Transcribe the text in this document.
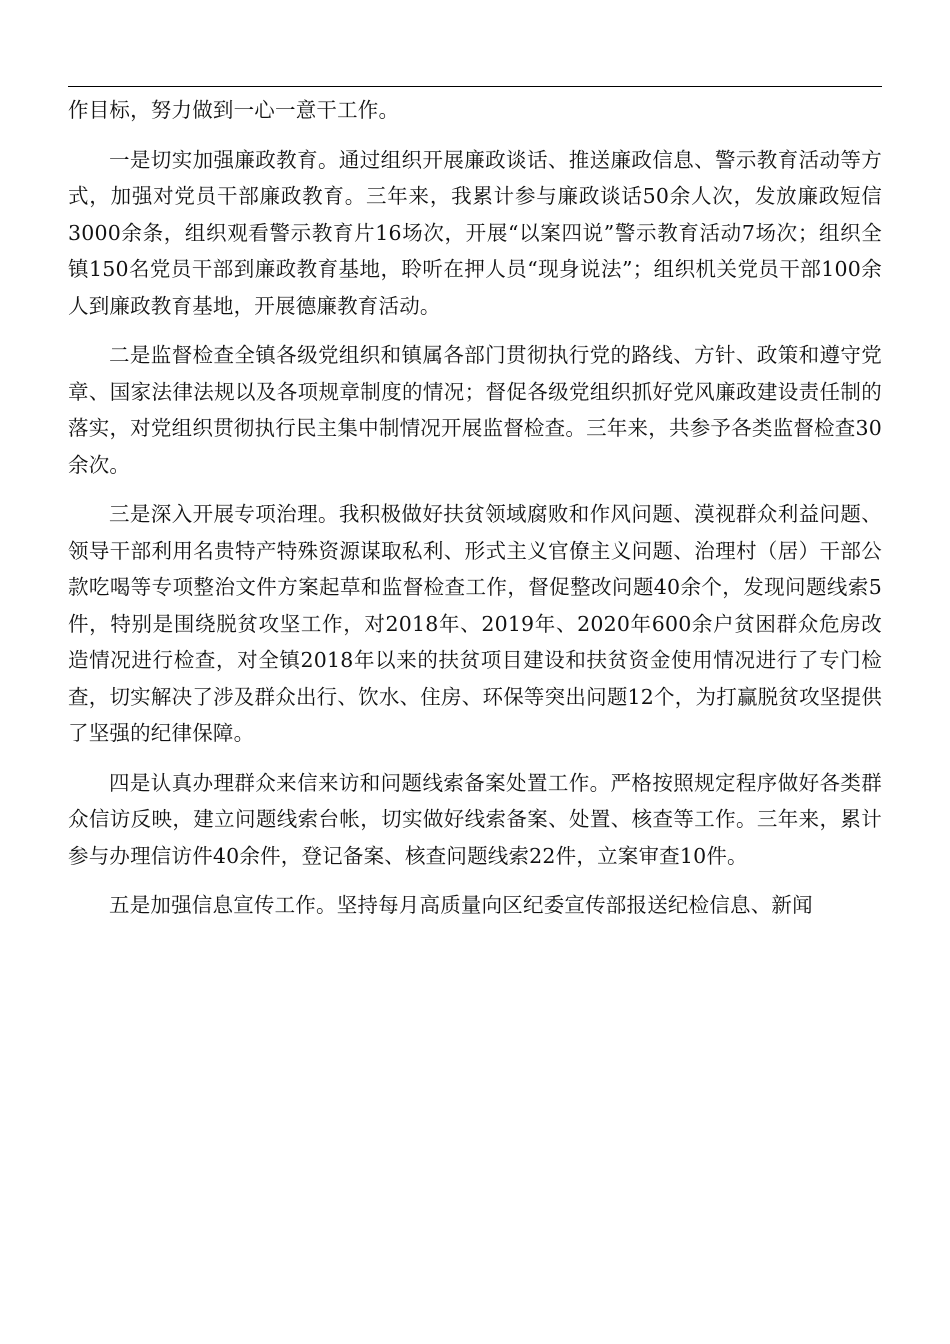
作目标，努力做到一心一意干工作。

一是切实加强廉政教育。通过组织开展廉政谈话、推送廉政信息、警示教育活动等方式，加强对党员干部廉政教育。三年来，我累计参与廉政谈话50余人次，发放廉政短信3000余条，组织观看警示教育片16场次，开展“以案四说”警示教育活动7场次；组织全镇150名党员干部到廉政教育基地，聆听在押人员“现身说法”；组织机关党员干部100余人到廉政教育基地，开展德廉教育活动。

二是监督检查全镇各级党组织和镇属各部门贯彻执行党的路线、方针、政策和遵守党章、国家法律法规以及各项规章制度的情况；督促各级党组织抓好党风廉政建设责任制的落实，对党组织贯彻执行民主集中制情况开展监督检查。三年来，共参予各类监督检查30余次。

三是深入开展专项治理。我积极做好扶贫领域腐败和作风问题、漠视群众利益问题、领导干部利用名贵特产特殊资源谋取私利、形式主义官僚主义问题、治理村（居）干部公款吃喝等专项整治文件方案起草和监督检查工作，督促整改问题40余个，发现问题线索5件，特别是围绕脱贫攻坚工作，对2018年、2019年、2020年600余户贫困群众危房改造情况进行检查，对全镇2018年以来的扶贫项目建设和扶贫资金使用情况进行了专门检查，切实解决了涉及群众出行、饮水、住房、环保等突出问题12个，为打赢脱贫攻坚提供了坚强的纪律保障。

四是认真办理群众来信来访和问题线索备案处置工作。严格按照规定程序做好各类群众信访反映，建立问题线索台帐，切实做好线索备案、处置、核查等工作。三年来，累计参与办理信访件40余件，登记备案、核查问题线索22件，立案审查10件。

五是加强信息宣传工作。坚持每月高质量向区纪委宣传部报送纪检信息、新闻
